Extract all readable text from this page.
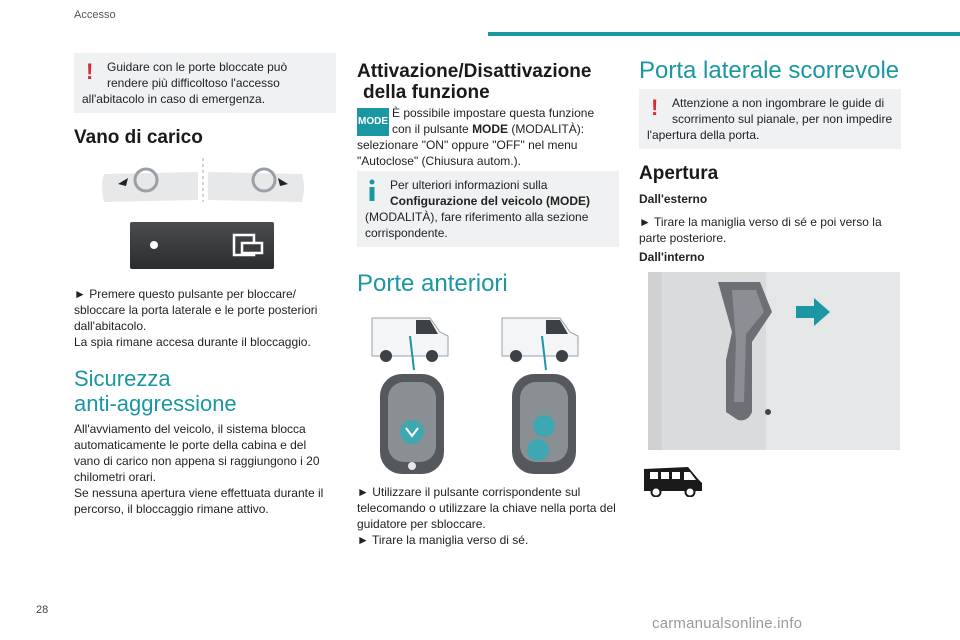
Accesso
! Guidare con le porte bloccate può
rendere più difficoltoso l'accesso
all'abitacolo in caso di emergenza.
Vano di carico
► Premere questo pulsante per bloccare/
sbloccare la porta laterale e le porte posteriori
dall'abitacolo.
La spia rimane accesa durante il bloccaggio.
Sicurezza
anti-aggressione
All'avviamento del veicolo, il sistema blocca
automaticamente le porte della cabina e del
vano di carico non appena si raggiungono i 20
chilometri orari.
Se nessuna apertura viene effettuata durante il
percorso, il bloccaggio rimane attivo.
Attivazione/Disattivazione
della funzione
MODE
È possibile impostare questa funzione
con il pulsante MODE (MODALITÀ):
selezionare "ON" oppure "OFF" nel menu
"Autoclose" (Chiusura autom.).
Per ulteriori informazioni sulla
Configurazione del veicolo (MODE)
(MODALITÀ), fare riferimento alla sezione
corrispondente.
Porte anteriori
► Utilizzare il pulsante corrispondente sul
telecomando o utilizzare la chiave nella porta del
guidatore per sbloccare.
► Tirare la maniglia verso di sé.
Porta laterale scorrevole
! Attenzione a non ingombrare le guide di
scorrimento sul pianale, per non impedire
l'apertura della porta.
Apertura
Dall'esterno
► Tirare la maniglia verso di sé e poi verso la
parte posteriore.
Dall'interno
28
carmanualsonline.info
